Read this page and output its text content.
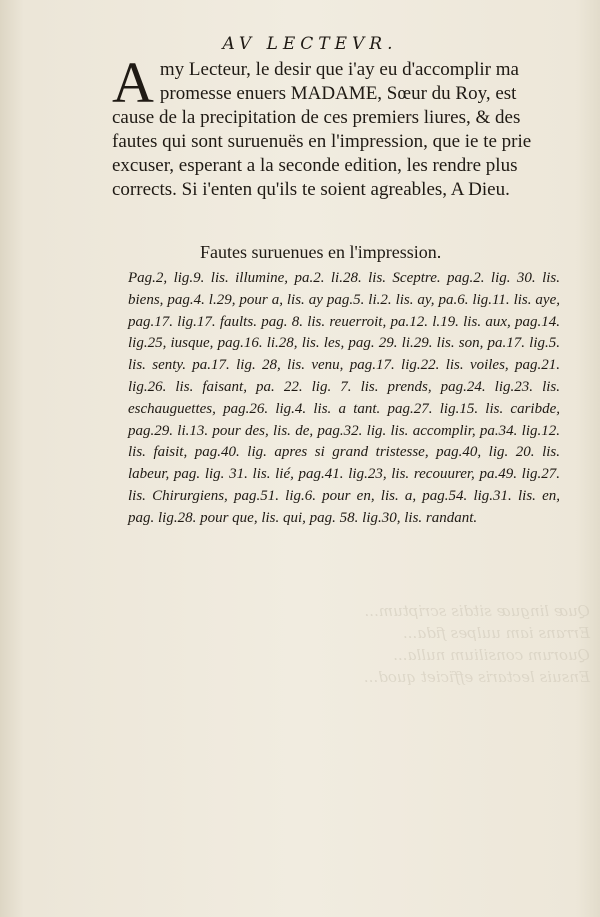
Quæ linguæ sitdis scriptum...
Errans iam uulpes fida...
Quorum consilium nulla...
Ensuis lectaris efficiet quod...
AV LECTEVR.
Amy Lecteur, le desir que i'ay eu d'accomplir ma promesse enuers MADAME, Sœur du Roy, est cause de la precipitation de ces premiers liures, & des fautes qui sont suruenuës en l'impression, que ie te prie excuser, esperant a la seconde edition, les rendre plus corrects. Si i'enten qu'ils te soient agreables, A Dieu.
Fautes suruenues en l'impression.
Pag.2, lig.9. lis. illumine, pa.2. li.28. lis. Sceptre. pag.2. lig. 30. lis. biens, pag.4. l.29, pour a, lis. ay pag.5. li.2. lis. ay, pa.6. lig.11. lis. aye, pag.17. lig.17. faults. pag. 8. lis. reuerroit, pa.12. l.19. lis. aux, pag.14. lig.25, iusque, pag.16. li.28, lis. les, pag. 29. li.29. lis. son, pa.17. lig.5. lis. senty. pa.17. lig. 28, lis. venu, pag.17. lig.22. lis. voiles, pag.21. lig.26. lis. faisant, pa. 22. lig. 7. lis. prends, pag.24. lig.23. lis. eschauguettes, pag.26. lig.4. lis. a tant. pag.27. lig.15. lis. caribde, pag.29. li.13. pour des, lis. de, pag.32. lig. lis. accomplir, pa.34. lig.12. lis. faisit, pag.40. lig. apres si grand tristesse, pag.40, lig. 20. lis. labeur, pag. lig. 31. lis. lié, pag.41. lig.23, lis. recouurer, pa.49. lig.27. lis. Chirurgiens, pag.51. lig.6. pour en, lis. a, pag.54. lig.31. lis. en, pag. lig.28. pour que, lis. qui, pag. 58. lig.30, lis. randant.
